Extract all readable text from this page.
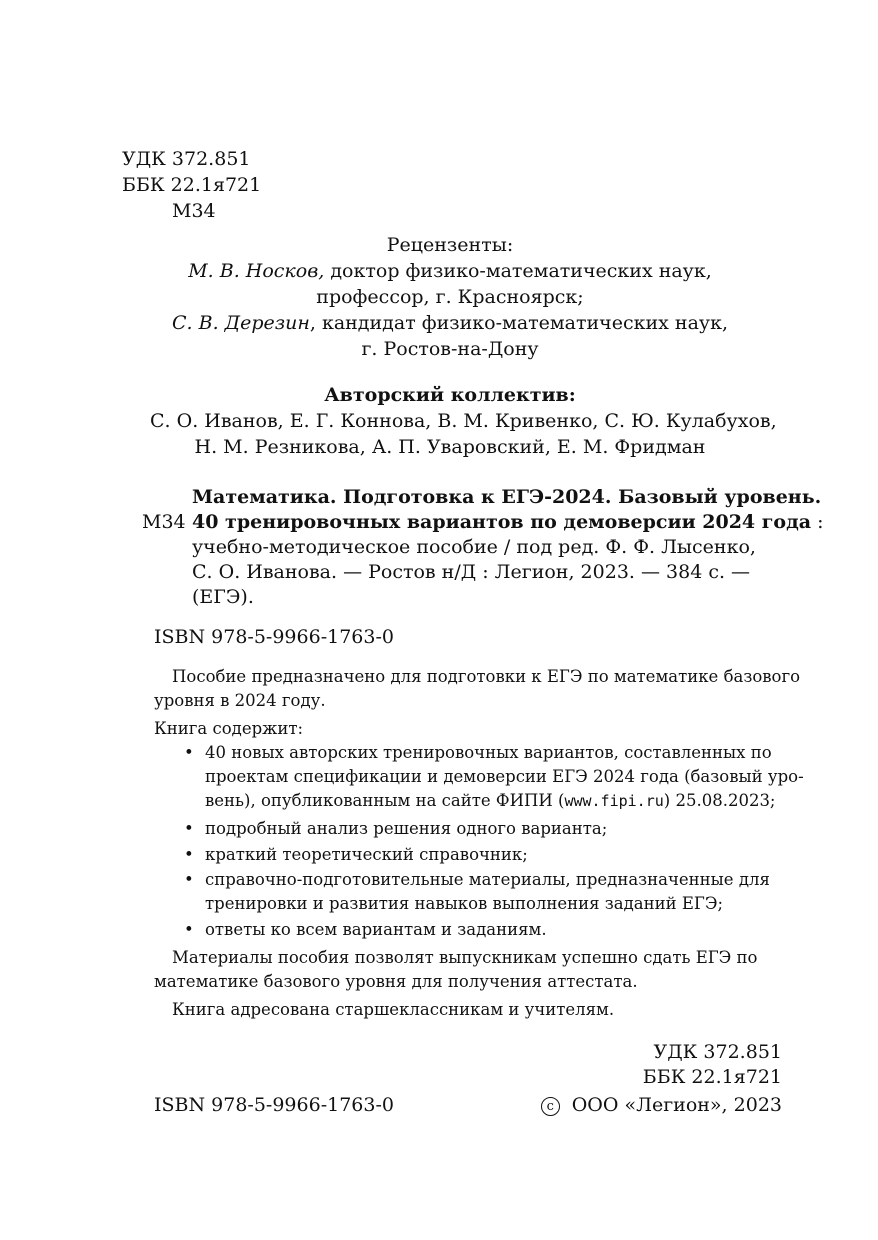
УДК 372.851
ББК 22.1я721
М34
Рецензенты:
М. В. Носков, доктор физико-математических наук,
профессор, г. Красноярск;
С. В. Дерезин, кандидат физико-математических наук,
г. Ростов-на-Дону
Авторский коллектив:
С. О. Иванов, Е. Г. Коннова, В. М. Кривенко, С. Ю. Кулабухов,
Н. М. Резникова, А. П. Уваровский, Е. М. Фридман
Математика. Подготовка к ЕГЭ-2024. Базовый уровень.
М34 40 тренировочных вариантов по демоверсии 2024 года :
учебно-методическое пособие / под ред. Ф. Ф. Лысенко,
С. О. Иванова. — Ростов н/Д : Легион, 2023. — 384 с. —
(ЕГЭ).
ISBN 978-5-9966-1763-0
Пособие предназначено для подготовки к ЕГЭ по математике базового
уровня в 2024 году.
Книга содержит:
• 40 новых авторских тренировочных вариантов, составленных по
проектам спецификации и демоверсии ЕГЭ 2024 года (базовый уро-
вень), опубликованным на сайте ФИПИ (www.fipi.ru) 25.08.2023;
• подробный анализ решения одного варианта;
• краткий теоретический справочник;
• справочно-подготовительные материалы, предназначенные для
тренировки и развития навыков выполнения заданий ЕГЭ;
• ответы ко всем вариантам и заданиям.
Материалы пособия позволят выпускникам успешно сдать ЕГЭ по
математике базового уровня для получения аттестата.
Книга адресована старшеклассникам и учителям.
УДК 372.851
ББК 22.1я721
ISBN 978-5-9966-1763-0	c ООО «Легион», 2023
